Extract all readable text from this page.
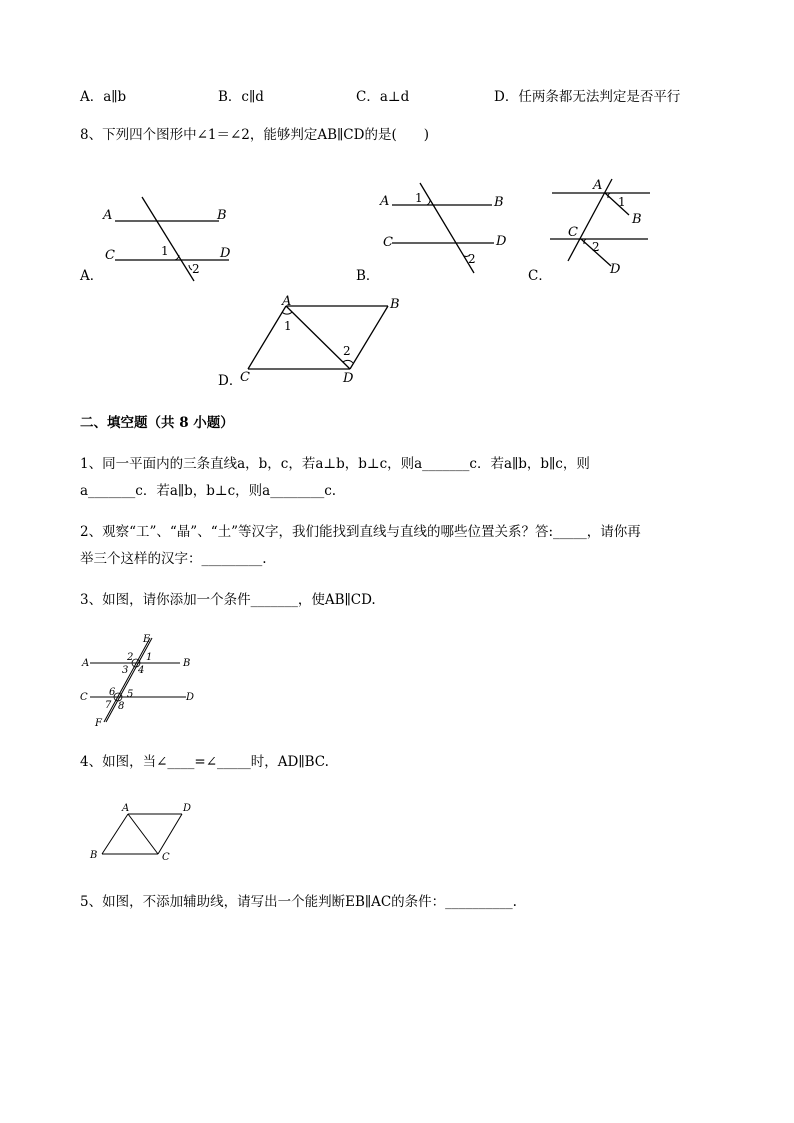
A．a∥b	B．c∥d	C．a⊥d	D．任两条都无法判定是否平行
8、下列四个图形中∠1＝∠2，能够判定AB∥CD的是(　　)
A．
A	B
C	D
1
2	B．
A	B
C	D
1
2
C．
A
B
C
D
1
2
D．
A	B
C	D
1
2
二、填空题（共 8 小题）
1、同一平面内的三条直线a，b，c，若a⊥b，b⊥c，则a_______c．若a∥b，b∥c，则
a_______c．若a∥b，b⊥c，则a________c.
2、观察“工”、“晶”、“土”等汉字，我们能找到直线与直线的哪些位置关系？答:_____，请你再
举三个这样的汉字：_________.
3、如图，请你添加一个条件_______，使AB∥CD.
E
A	B
C	D
F
2 1
3 4
6 5
7 8
4、如图，当∠____=∠_____时，AD∥BC.
A	D
B	C
5、如图，不添加辅助线，请写出一个能判断EB∥AC的条件：__________.
